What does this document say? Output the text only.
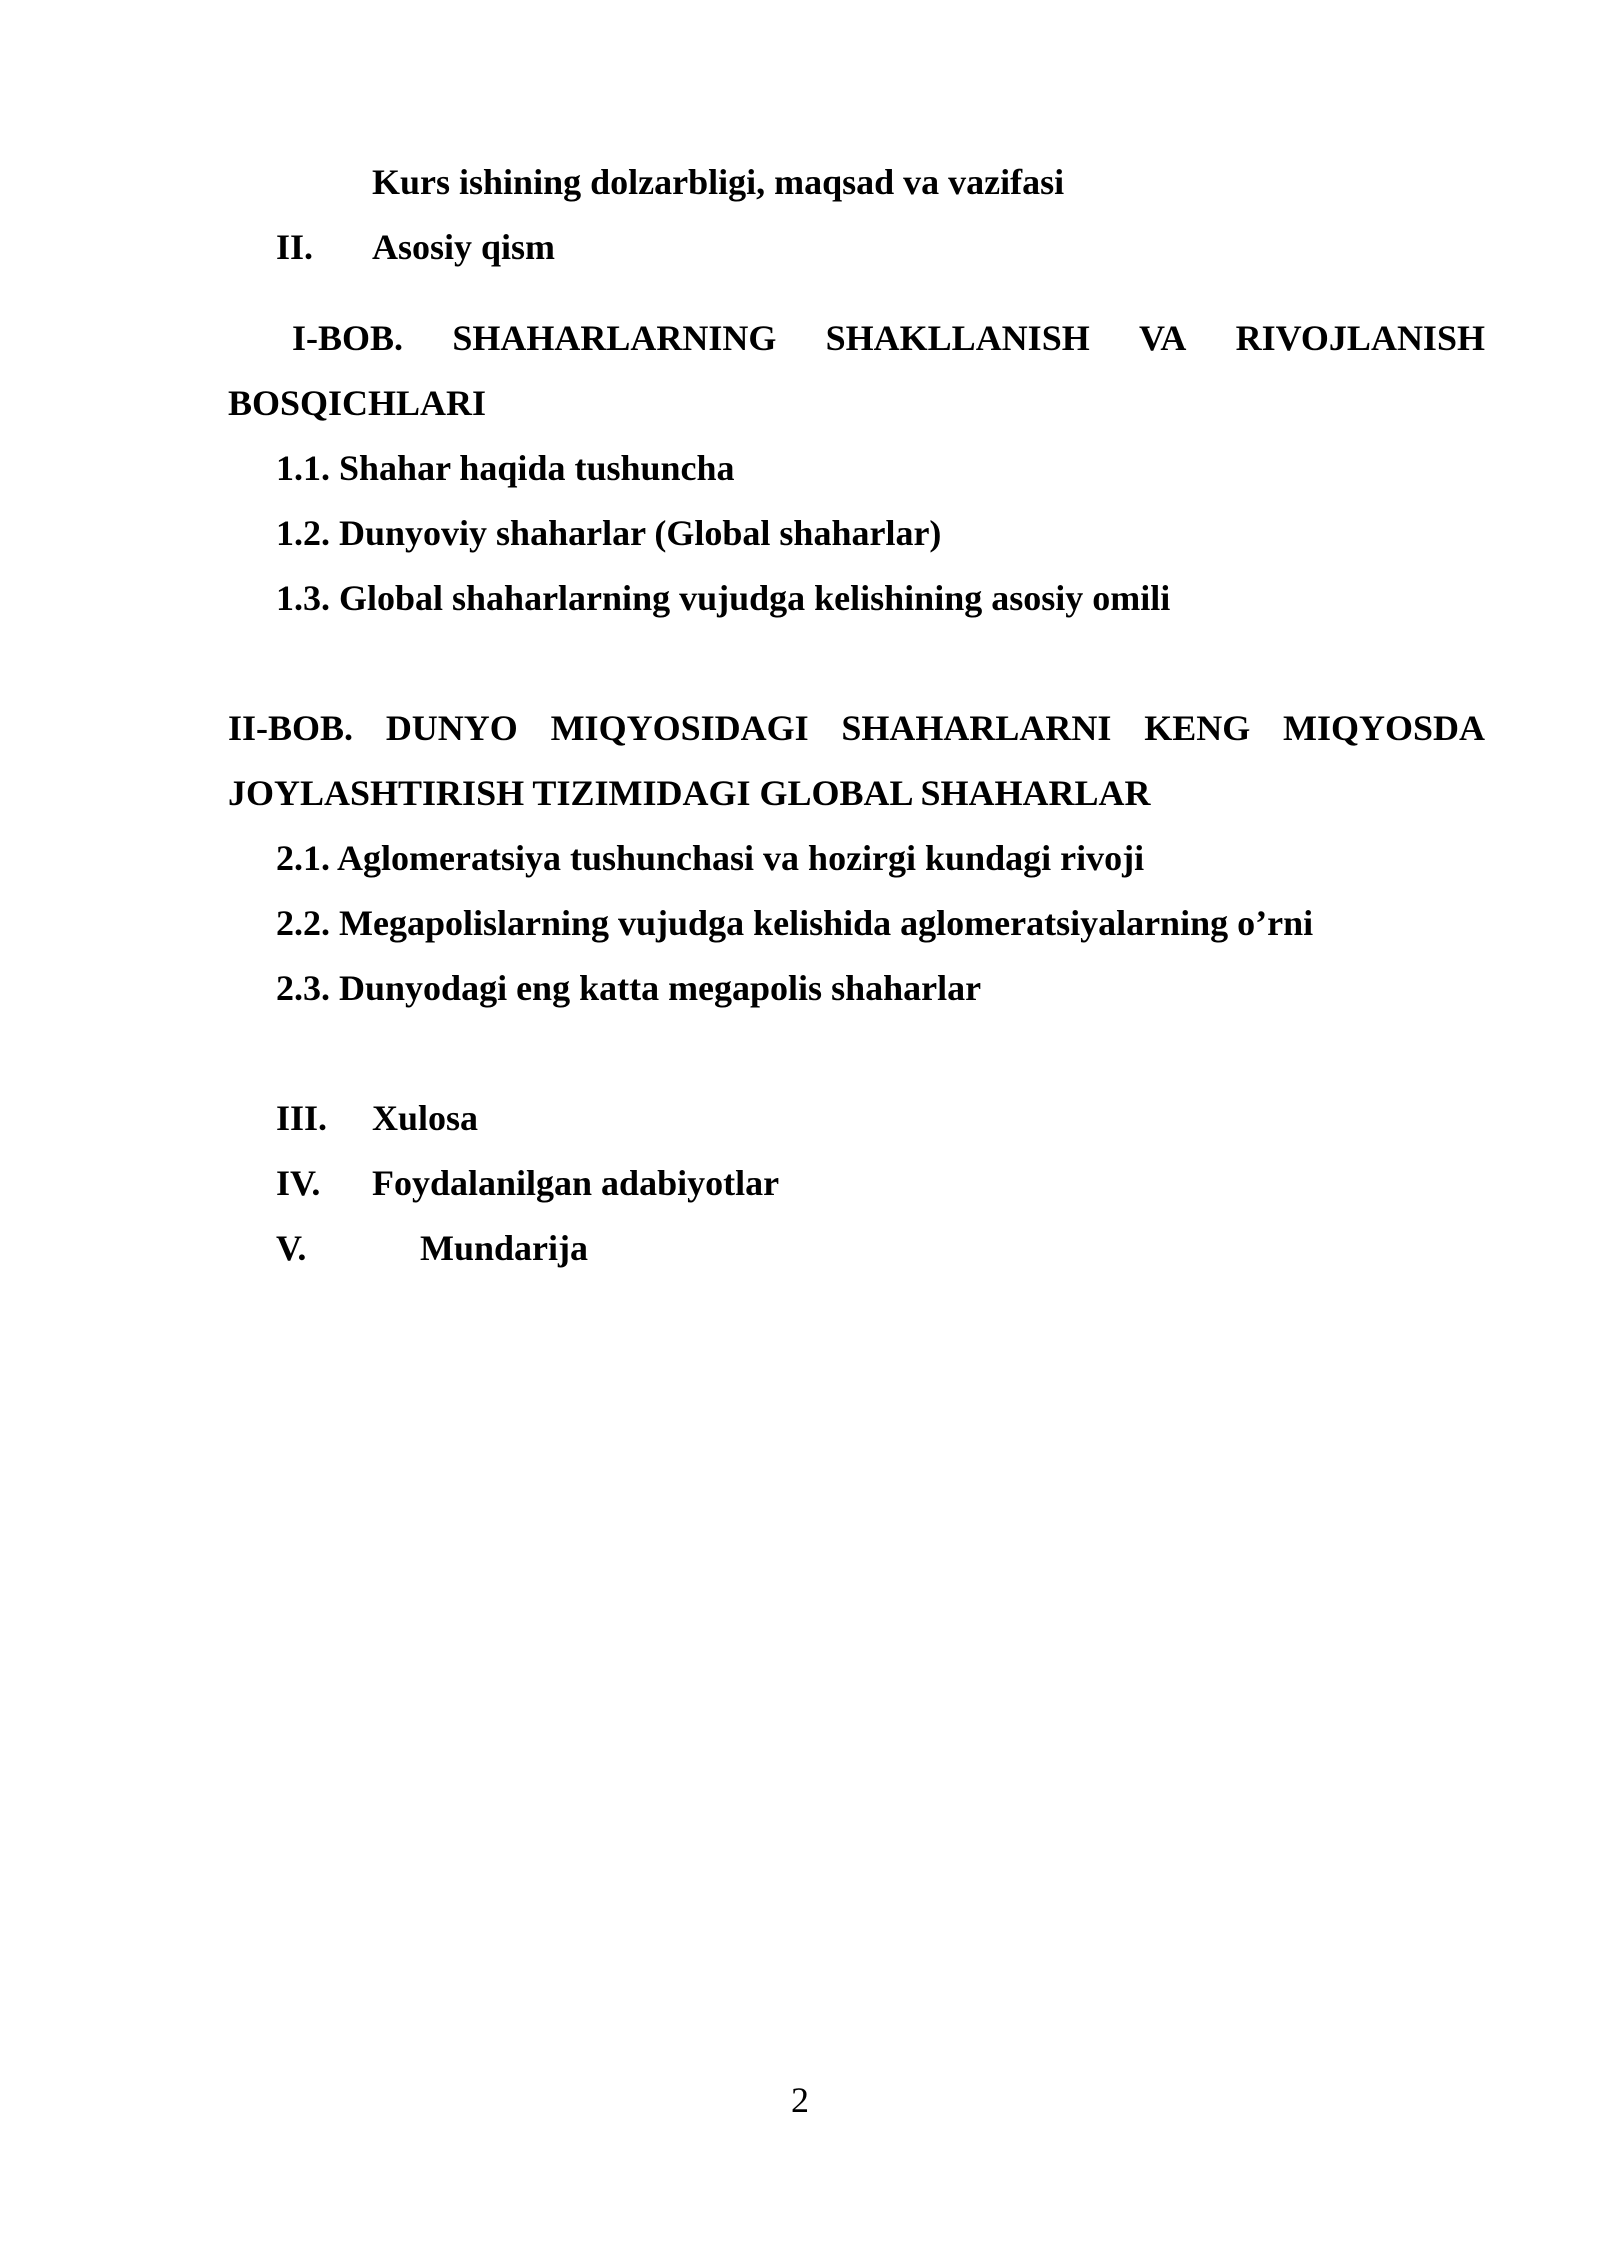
Kurs ishining dolzarbligi, maqsad va vazifasi
II. Asosiy qism
I-BOB. SHAHARLARNING SHAKLLANISH VA RIVOJLANISH
BOSQICHLARI
1.1. Shahar haqida tushuncha
1.2. Dunyoviy shaharlar (Global shaharlar)
1.3. Global shaharlarning vujudga kelishining asosiy omili
II-BOB. DUNYO MIQYOSIDAGI SHAHARLARNI KENG MIQYOSDA
JOYLASHTIRISH TIZIMIDAGI GLOBAL SHAHARLAR
2.1. Aglomeratsiya tushunchasi va hozirgi kundagi rivoji
2.2. Megapolislarning vujudga kelishida aglomeratsiyalarning o’rni
2.3. Dunyodagi eng katta megapolis shaharlar
III. Xulosa
IV. Foydalanilgan adabiyotlar
V.	Mundarija
2
